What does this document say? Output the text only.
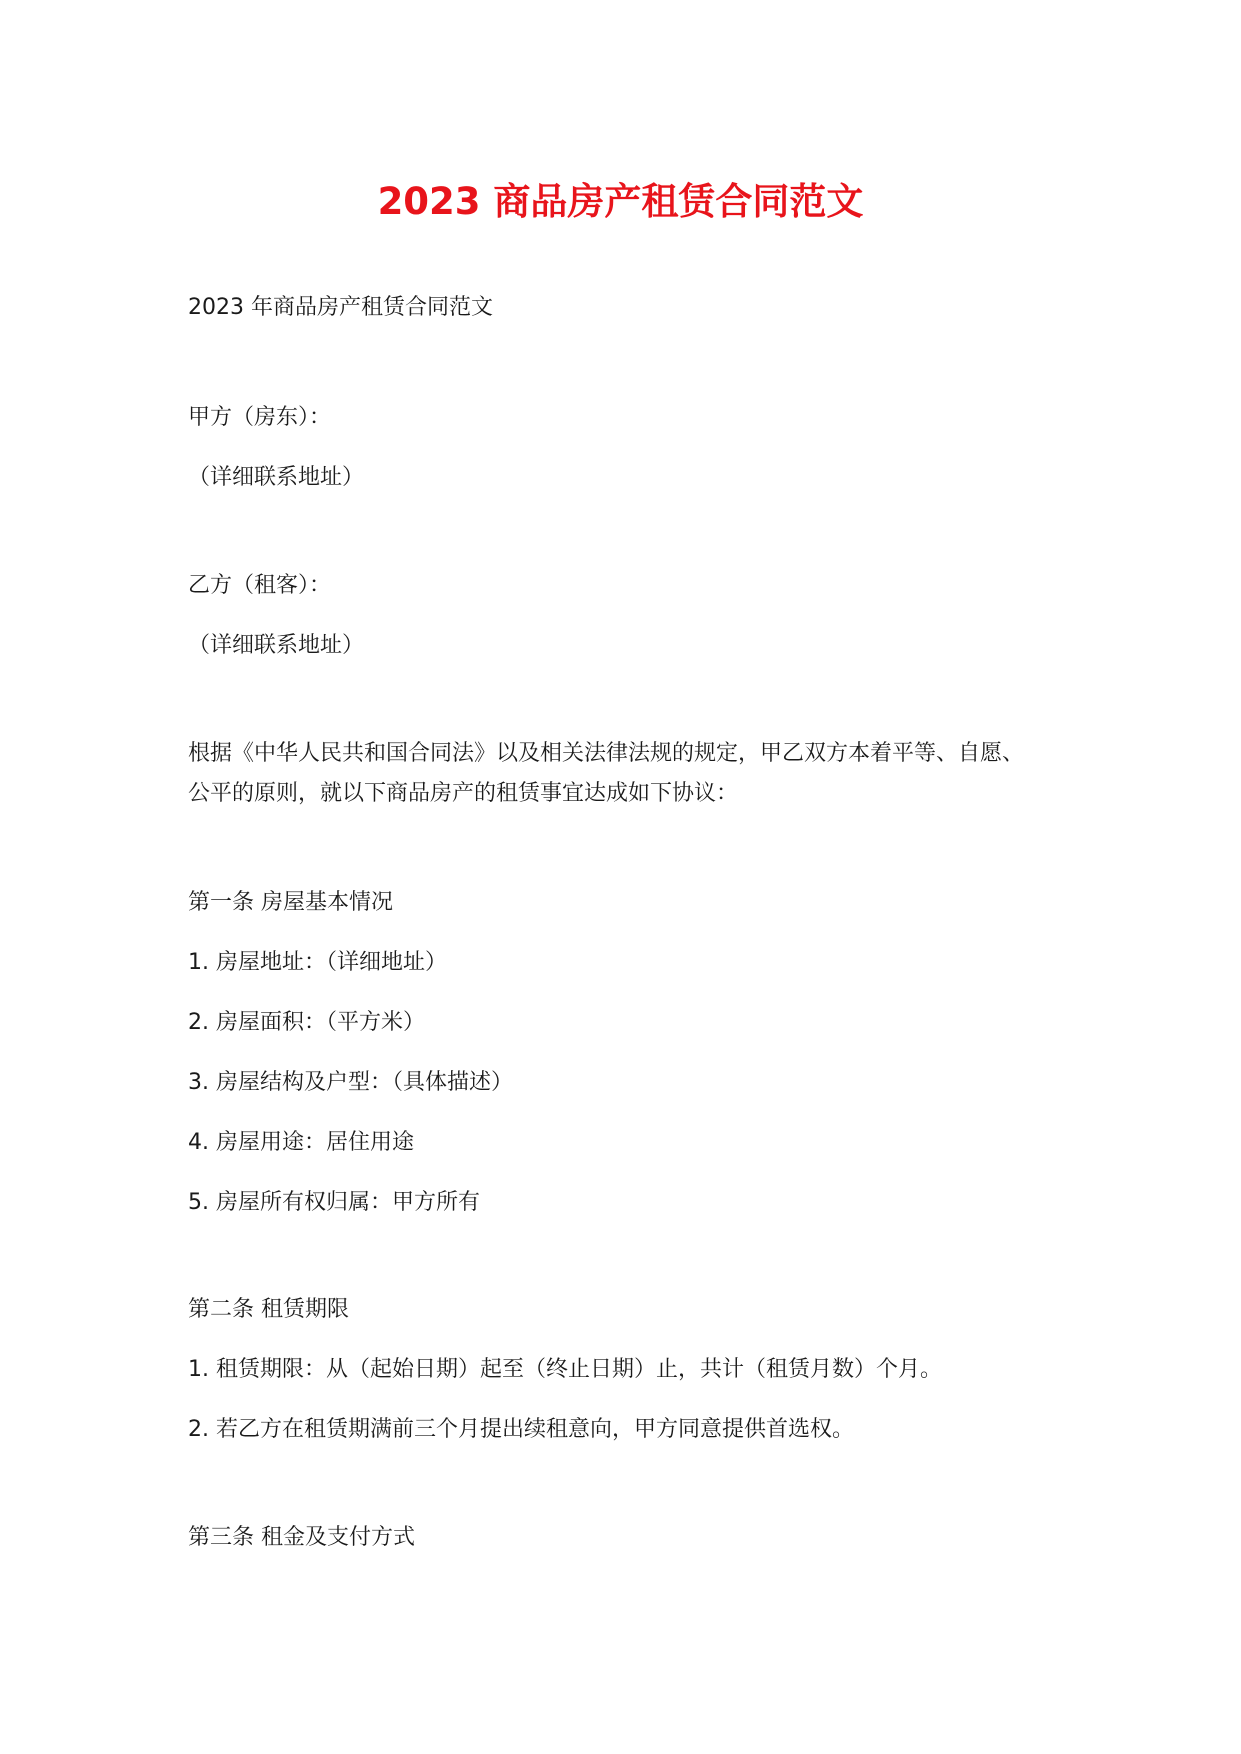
2023 商品房产租赁合同范文
2023 年商品房产租赁合同范文
甲方（房东）：
（详细联系地址）
乙方（租客）：
（详细联系地址）
根据《中华人民共和国合同法》以及相关法律法规的规定，甲乙双方本着平等、自愿、
公平的原则，就以下商品房产的租赁事宜达成如下协议：
第一条 房屋基本情况
1. 房屋地址：（详细地址）
2. 房屋面积：（平方米）
3. 房屋结构及户型：（具体描述）
4. 房屋用途：居住用途
5. 房屋所有权归属：甲方所有
第二条 租赁期限
1. 租赁期限：从（起始日期）起至（终止日期）止，共计（租赁月数）个月。
2. 若乙方在租赁期满前三个月提出续租意向，甲方同意提供首选权。
第三条 租金及支付方式
